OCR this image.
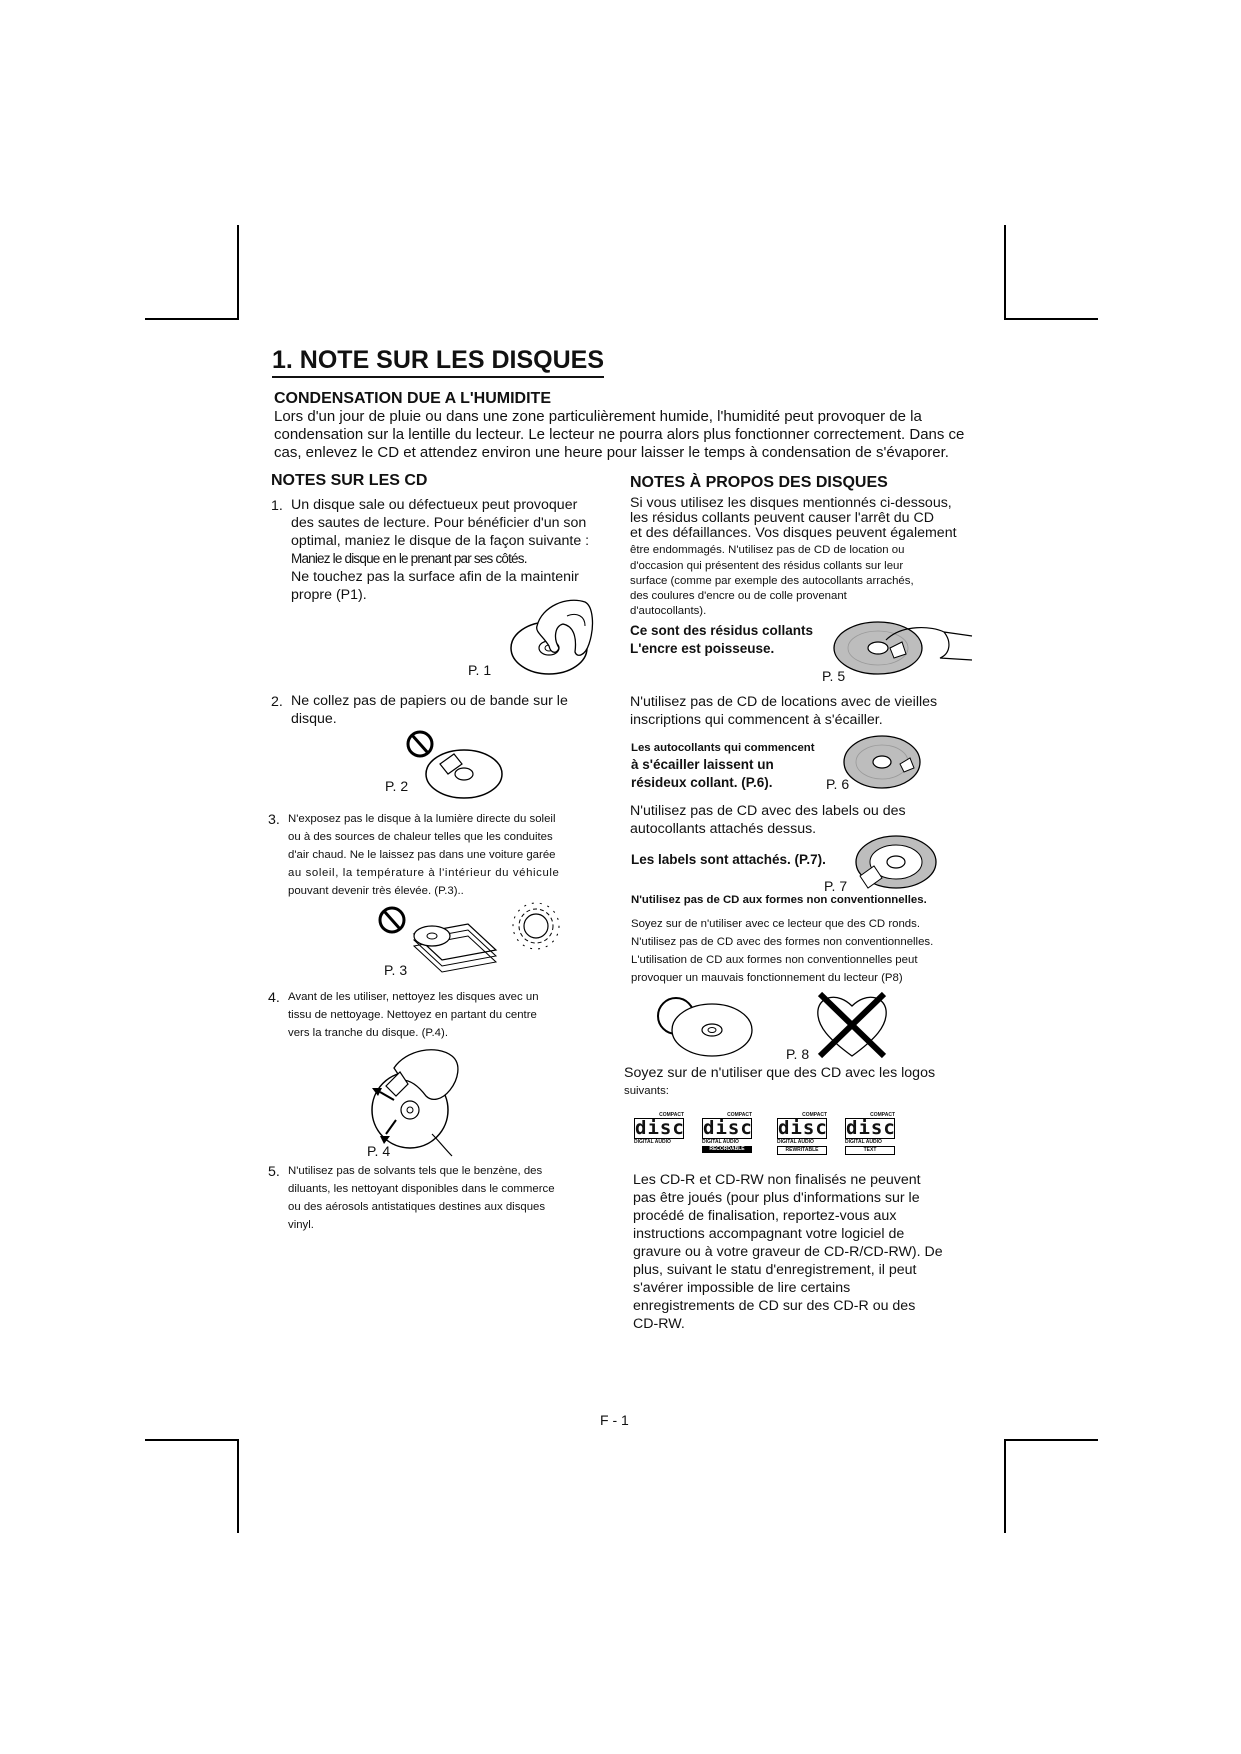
1. NOTE SUR LES DISQUES
CONDENSATION DUE A L'HUMIDITE

Lors d'un jour de pluie ou dans une zone particulièrement humide, l'humidité peut provoquer de la

condensation sur la lentille du lecteur. Le lecteur ne pourra alors plus fonctionner correctement. Dans ce

cas, enlevez le CD et attendez environ une heure pour laisser le temps à condensation de s'évaporer.

NOTES SUR LES CD
1. Un disque sale ou défectueux peut provoquer

des sautes de lecture. Pour bénéficier d'un son

optimal, maniez le disque de la façon suivante :

Maniez le disque en le prenant par ses côtés.

Ne touchez pas la surface afin de la maintenir

propre (P1).

P. 1
2. Ne collez pas de papiers ou de bande sur le

disque.

P. 2
3. N'exposez pas le disque à la lumière directe du soleil

ou à des sources de chaleur telles que les conduites

d'air chaud. Ne le laissez pas dans une voiture garée

au soleil, la température à l'intérieur du véhicule

pouvant devenir très élevée. (P.3)..

P. 3
4. Avant de les utiliser, nettoyez les disques avec un

tissu de nettoyage. Nettoyez en partant du centre

vers la tranche du disque. (P.4).

P. 4
5. N'utilisez pas de solvants tels que le benzène, des

diluants, les nettoyant disponibles dans le commerce

ou des aérosols antistatiques destines aux disques

vinyl.

NOTES À PROPOS DES DISQUES

Si vous utilisez les disques mentionnés ci-dessous,

les résidus collants peuvent causer l'arrêt du CD

et des défaillances. Vos disques peuvent également

être endommagés. N'utilisez pas de CD de location ou

d'occasion qui présentent des résidus collants sur leur

surface (comme par exemple des autocollants arrachés,

des coulures d'encre ou de colle provenant

d'autocollants).

Ce sont des résidus collants

L'encre est poisseuse.

P. 5

N'utilisez pas de CD de locations avec de vieilles

inscriptions qui commencent à s'écailler.

Les autocollants qui commencent

à s'écailler laissent un

résideux collant. (P.6).	P. 6

N'utilisez pas de CD avec des labels ou des

autocollants attachés dessus.

Les labels sont attachés. (P.7).
P. 7
N'utilisez pas de CD aux formes non conventionnelles.

Soyez sur de n'utiliser avec ce lecteur que des CD ronds.

N'utilisez pas de CD avec des formes non conventionnelles.

L'utilisation de CD aux formes non conventionnelles peut

provoquer un mauvais fonctionnement du lecteur (P8)

P. 8

Soyez sur de n'utiliser que des CD avec les logos

suivants:

COMPACT
disc
DIGITAL AUDIO
COMPACT
disc
DIGITAL AUDIO
RECORDABLE
COMPACT
disc
DIGITAL AUDIO
REWRITABLE
COMPACT
disc
DIGITAL AUDIO
TEXT

Les CD-R et CD-RW non finalisés ne peuvent

pas être joués (pour plus d'informations sur le

procédé de finalisation, reportez-vous aux

instructions accompagnant votre logiciel de

gravure ou à votre graveur de CD-R/CD-RW). De

plus, suivant le statu d'enregistrement, il peut

s'avérer impossible de lire certains

enregistrements de CD sur des CD-R ou des

CD-RW.

F - 1
